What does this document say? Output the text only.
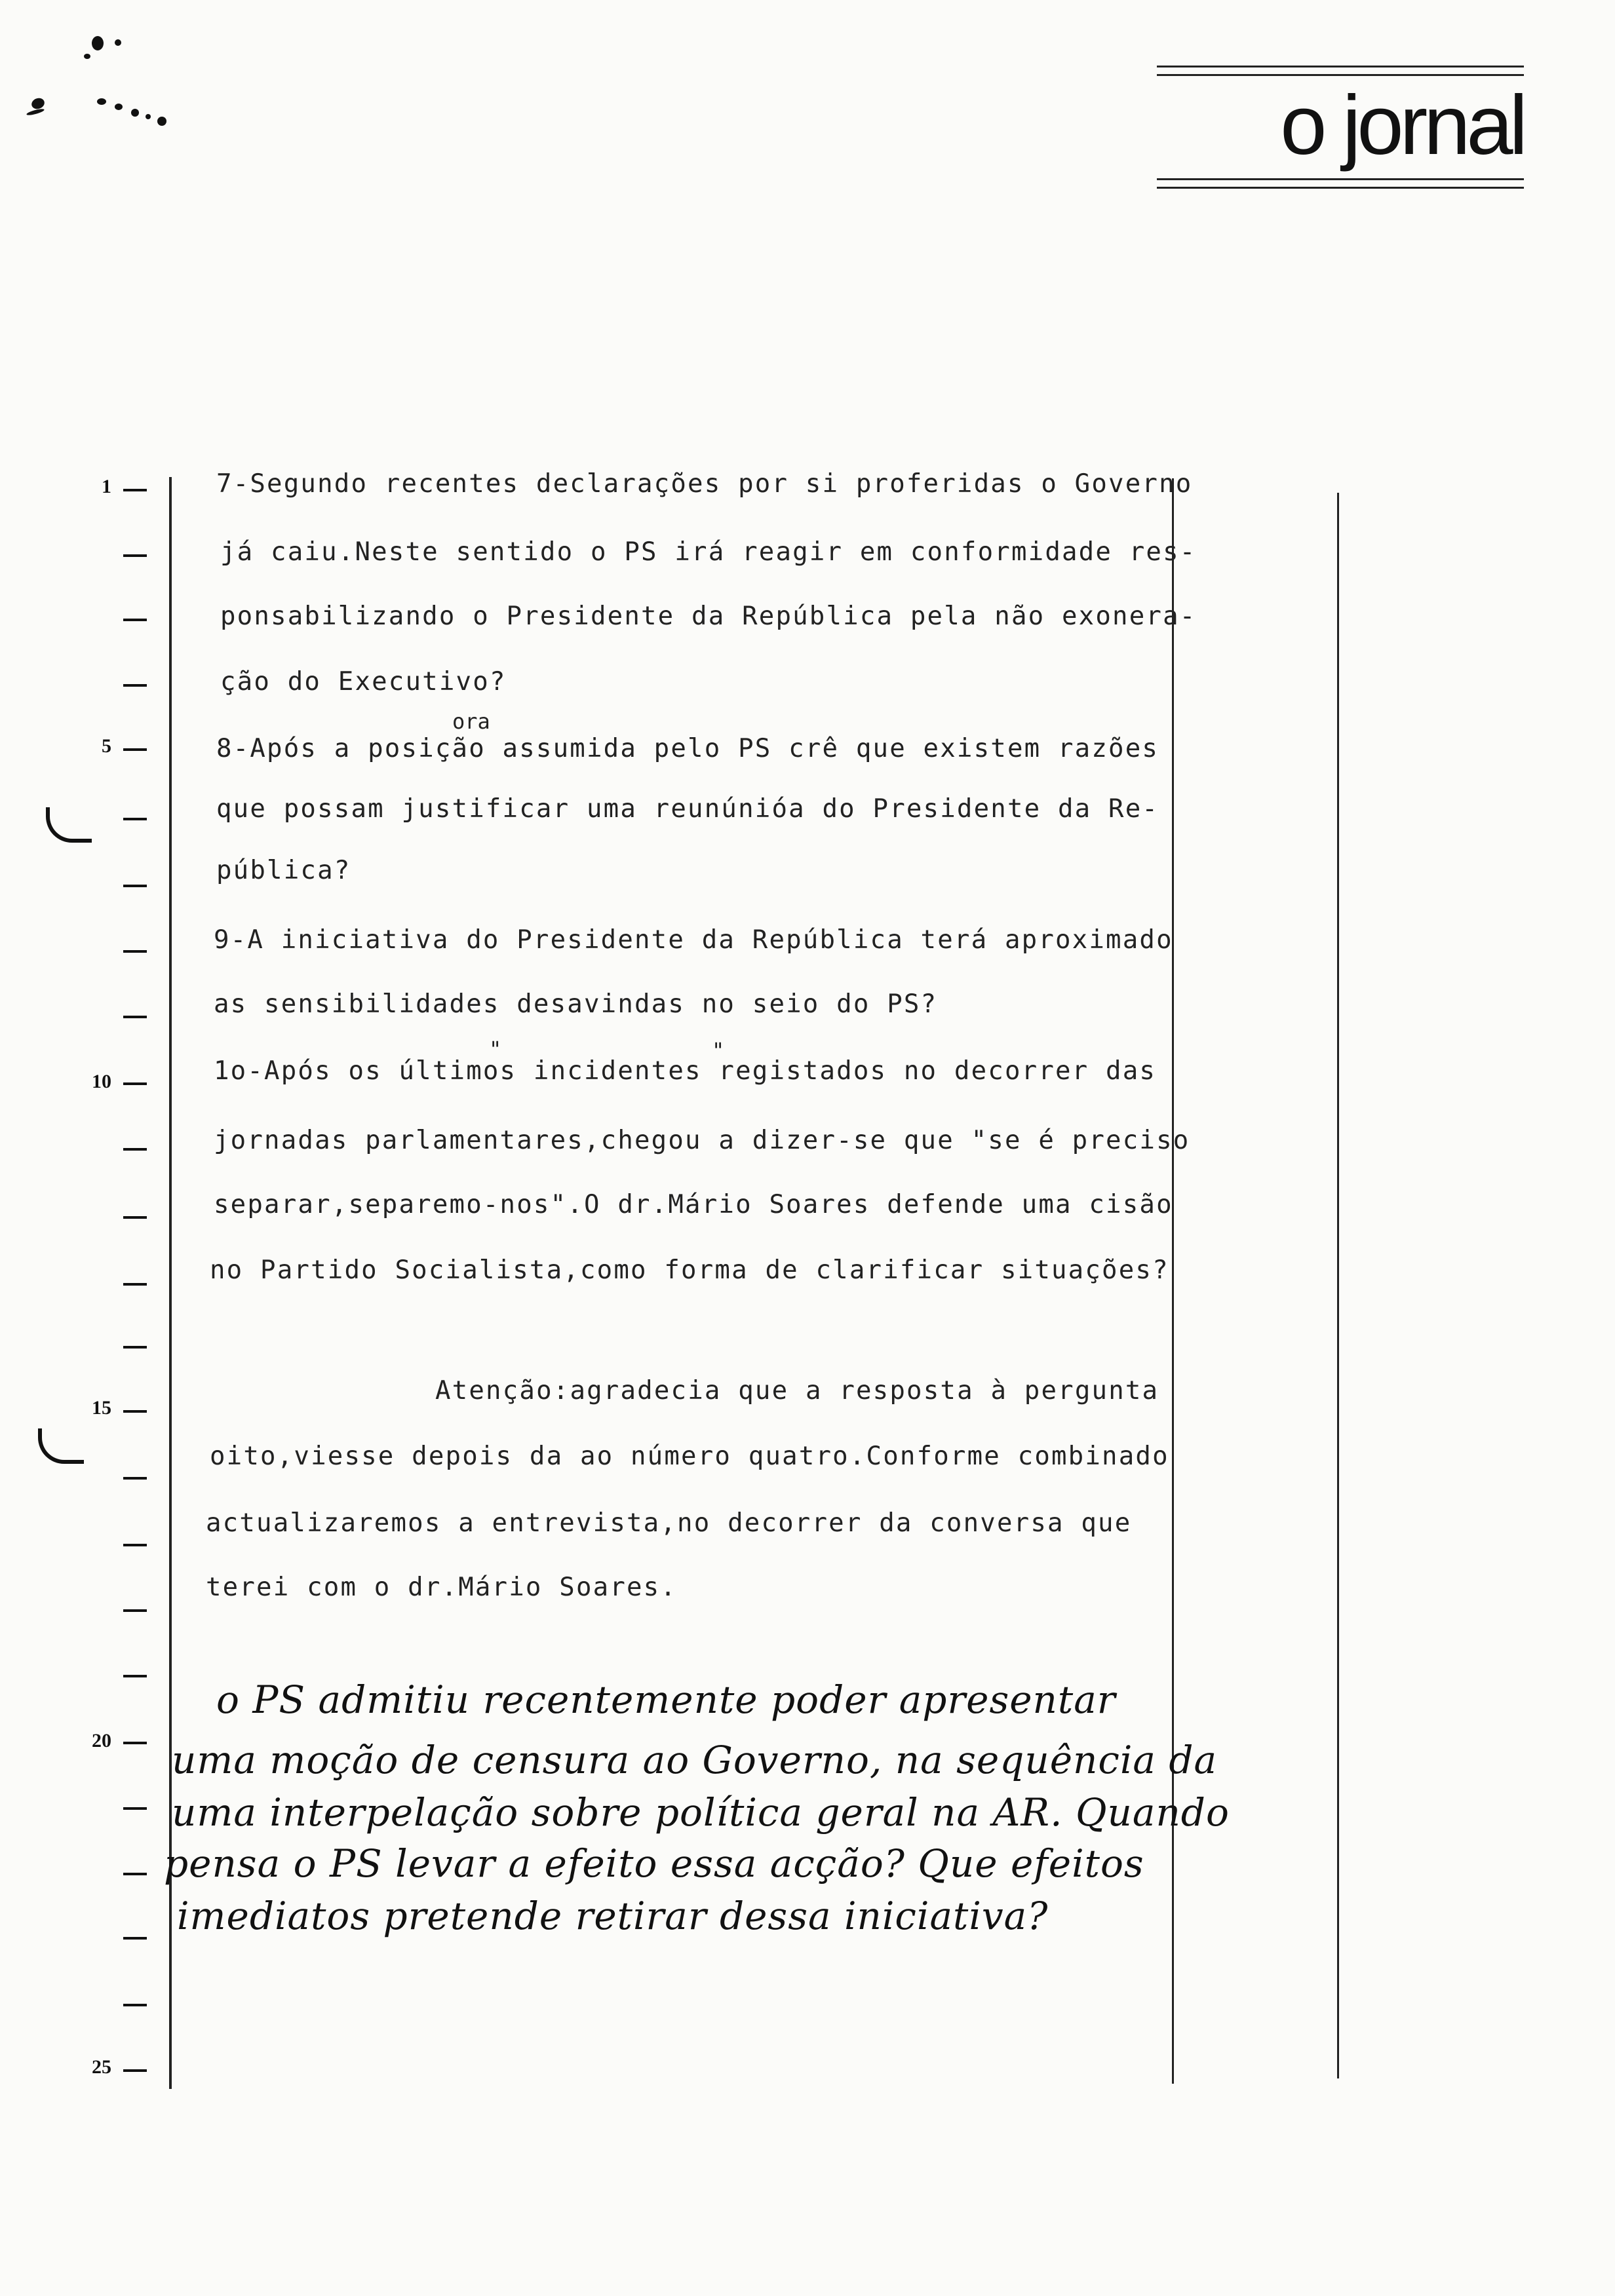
o jornal
1
5
10
15
20
25
7-Segundo recentes declarações por si proferidas o Governo
já caiu.Neste sentido o PS irá reagir em conformidade res-
ponsabilizando o Presidente da República pela não exonera-
ção do Executivo?
8-Após a posição assumida pelo PS crê que existem razões
ora
que possam justificar uma reunúnióa do Presidente da Re-
pública?
9-A iniciativa do Presidente da República terá aproximado
as sensibilidades desavindas no seio do PS?
1o-Após os últimos incidentes registados no decorrer das
"	"
jornadas parlamentares,chegou a dizer-se que "se é preciso
separar,separemo-nos".O dr.Mário Soares defende uma cisão
no Partido Socialista,como forma de clarificar situações?
Atenção:agradecia que a resposta à pergunta
oito,viesse depois da ao número quatro.Conforme combinado
actualizaremos a entrevista,no decorrer da conversa que
terei com o dr.Mário Soares.
o PS admitiu recentemente poder apresentar
uma moção de censura ao Governo, na sequência da
uma interpelação sobre política geral na AR. Quando
pensa o PS levar a efeito essa acção? Que efeitos
imediatos pretende retirar dessa iniciativa?
